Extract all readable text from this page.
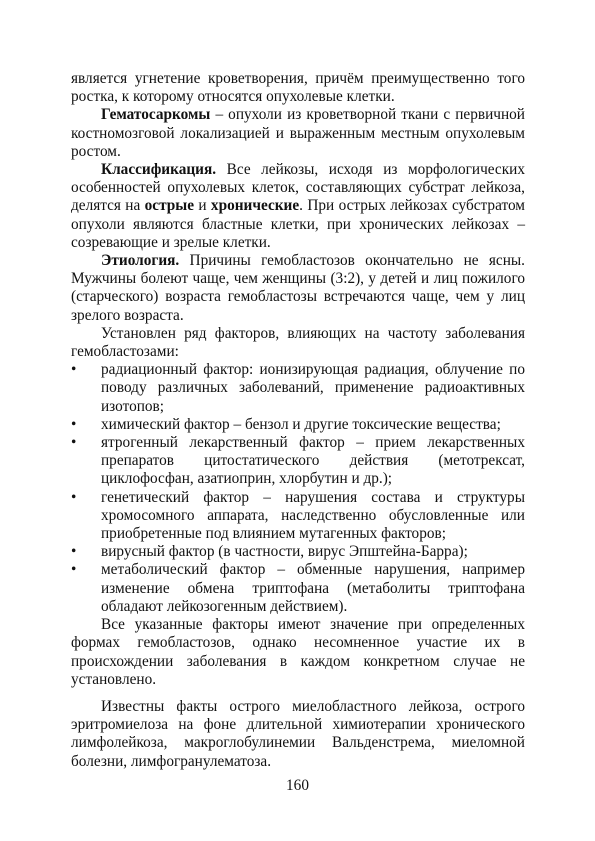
является угнетение кроветворения, причём преимущественно того ростка, к которому относятся опухолевые клетки.

Гематосаркомы – опухоли из кроветворной ткани с первичной костномозговой локализацией и выраженным местным опухолевым ростом.

Классификация. Все лейкозы, исходя из морфологических особенностей опухолевых клеток, составляющих субстрат лейкоза, делятся на острые и хронические. При острых лейкозах субстратом опухоли являются бластные клетки, при хронических лейкозах – созревающие и зрелые клетки.

Этиология. Причины гемобластозов окончательно не ясны. Мужчины болеют чаще, чем женщины (3:2), у детей и лиц пожилого (старческого) возраста гемобластозы встречаются чаще, чем у лиц зрелого возраста.

Установлен ряд факторов, влияющих на частоту заболевания гемобластозами:

•	радиационный фактор: ионизирующая радиация, облучение по поводу различных заболеваний, применение радиоактивных изотопов;
•	химический фактор – бензол и другие токсические вещества;
•	ятрогенный лекарственный фактор – прием лекарственных препаратов цитостатического действия (метотрексат, циклофосфан, азатиоприн, хлорбутин и др.);
•	генетический фактор – нарушения состава и структуры хромосомного аппарата, наследственно обусловленные или приобретенные под влиянием мутагенных факторов;
•	вирусный фактор (в частности, вирус Эпштейна-Барра);
•	метаболический фактор – обменные нарушения, например изменение обмена триптофана (метаболиты триптофана обладают лейкозогенным действием).

Все указанные факторы имеют значение при определенных формах гемобластозов, однако несомненное участие их в происхождении заболевания в каждом конкретном случае не установлено.

Известны факты острого миелобластного лейкоза, острого эритромиелоза на фоне длительной химиотерапии хронического лимфолейкоза, макроглобулинемии Вальденстрема, миеломной болезни, лимфогранулематоза.

160
